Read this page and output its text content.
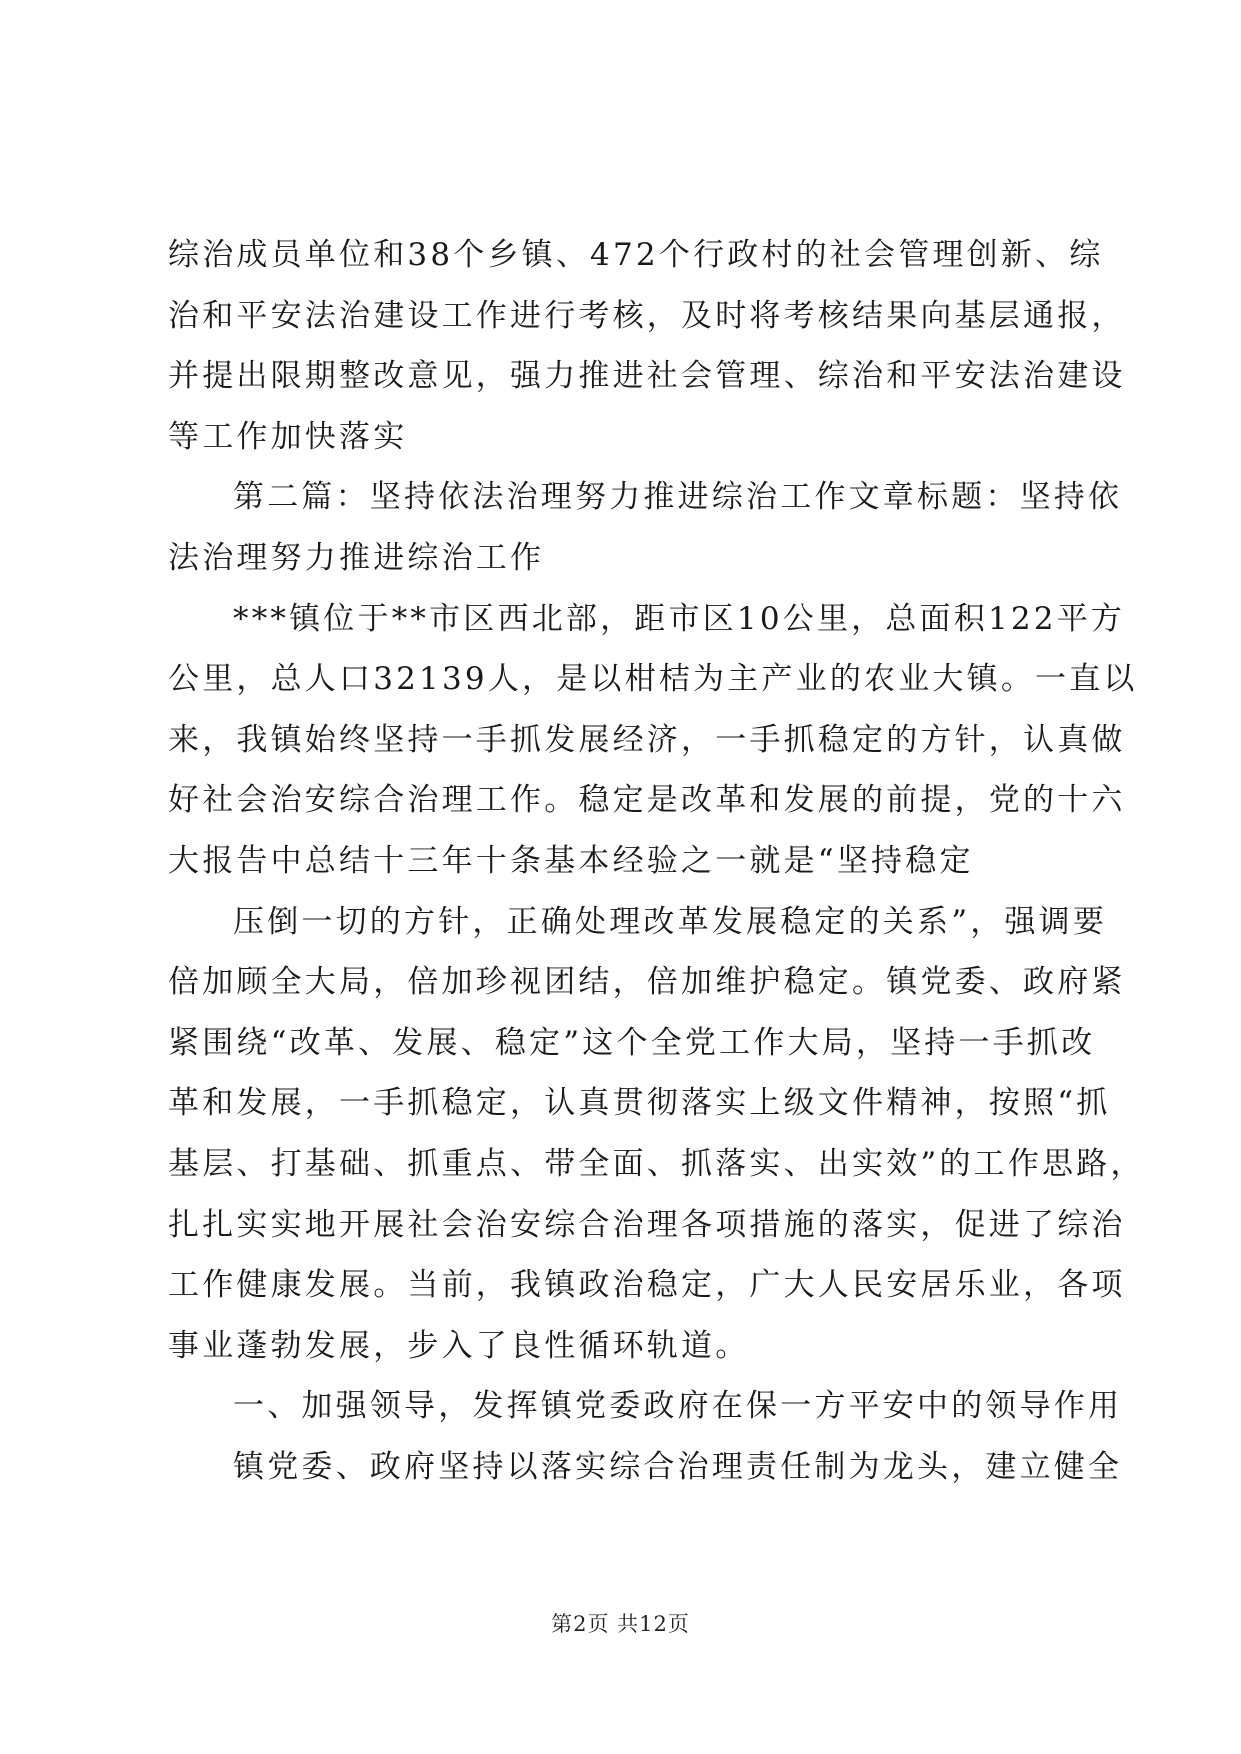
综治成员单位和38个乡镇、472个行政村的社会管理创新、综
治和平安法治建设工作进行考核，及时将考核结果向基层通报，
并提出限期整改意见，强力推进社会管理、综治和平安法治建设
等工作加快落实
第二篇：坚持依法治理努力推进综治工作文章标题：坚持依
法治理努力推进综治工作
***镇位于**市区西北部，距市区10公里，总面积122平方
公里，总人口32139人，是以柑桔为主产业的农业大镇。一直以
来，我镇始终坚持一手抓发展经济，一手抓稳定的方针，认真做
好社会治安综合治理工作。稳定是改革和发展的前提，党的十六
大报告中总结十三年十条基本经验之一就是“坚持稳定
压倒一切的方针，正确处理改革发展稳定的关系”，强调要
倍加顾全大局，倍加珍视团结，倍加维护稳定。镇党委、政府紧
紧围绕“改革、发展、稳定”这个全党工作大局，坚持一手抓改
革和发展，一手抓稳定，认真贯彻落实上级文件精神，按照“抓
基层、打基础、抓重点、带全面、抓落实、出实效”的工作思路，
扎扎实实地开展社会治安综合治理各项措施的落实，促进了综治
工作健康发展。当前，我镇政治稳定，广大人民安居乐业，各项
事业蓬勃发展，步入了良性循环轨道。
一、加强领导，发挥镇党委政府在保一方平安中的领导作用
镇党委、政府坚持以落实综合治理责任制为龙头，建立健全
第2页 共12页
